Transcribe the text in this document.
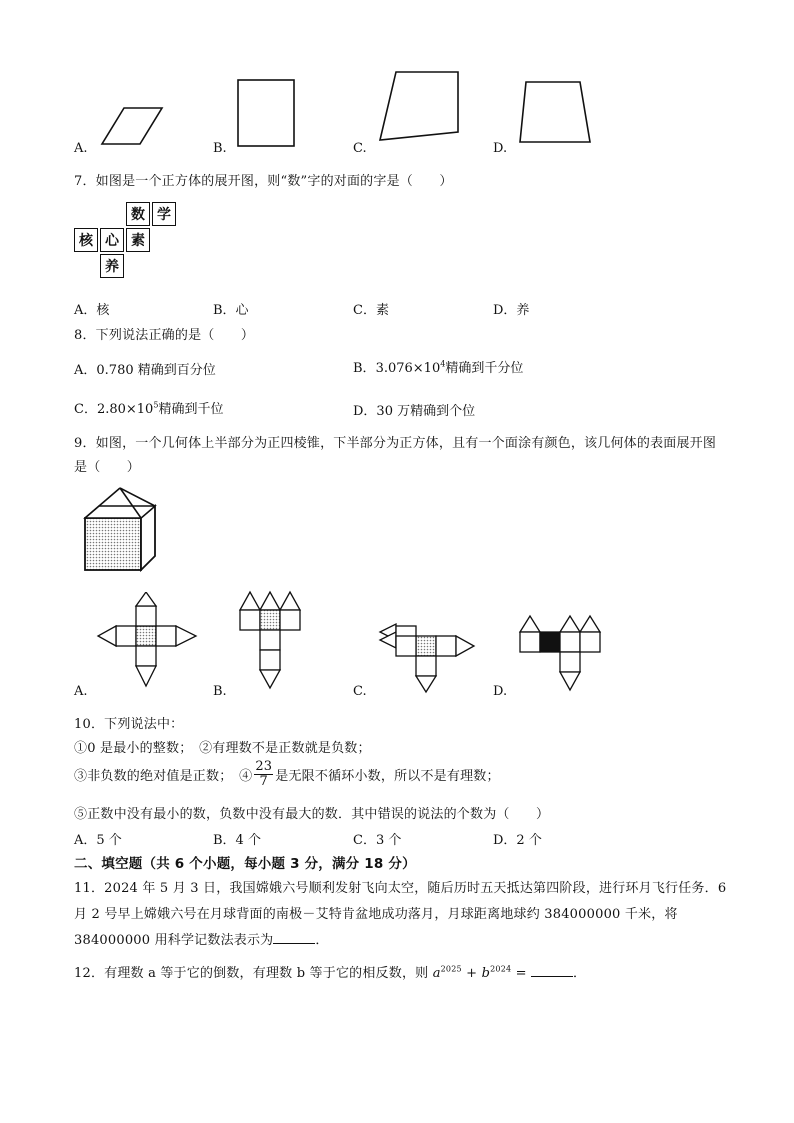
A.	B.	C.	D.
7．如图是一个正方体的展开图，则“数”字的对面的字是（　　）
数 学
核 心 素
养
A．核	B．心	C．素	D．养
8．下列说法正确的是（　　）
A．0.780 精确到百分位	B．$3.076\times 10^4$精确到千分位
C．$2.80\times 10^5$精确到千位	D．30 万精确到个位
9．如图，一个几何体上半部分为正四棱锥，下半部分为正方体，且有一个面涂有颜色，该几何体的表面展开图
是（　　）
A.	B.	C.	D.
10．下列说法中：
①0 是最小的整数；　②有理数不是正数就是负数；
③非负数的绝对值是正数；　④ $\frac{23}{7}$ 是无限不循环小数，所以不是有理数；
⑤正数中没有最小的数，负数中没有最大的数．其中错误的说法的个数为（　　）
A．5 个	B．4 个	C．3 个	D．2 个
二、填空题（共 6 个小题，每小题 3 分，满分 18 分）
11．2024 年 5 月 3 日，我国嫦娥六号顺利发射飞向太空，随后历时五天抵达第四阶段，进行环月飞行任务．6
月 2 号早上嫦娥六号在月球背面的南极－艾特肯盆地成功落月，月球距离地球约 384000000 千米，将
384000000 用科学记数法表示为	．
12．有理数 a 等于它的倒数，有理数 b 等于它的相反数，则 $a^{2025} + b^{2024}$ =	．
